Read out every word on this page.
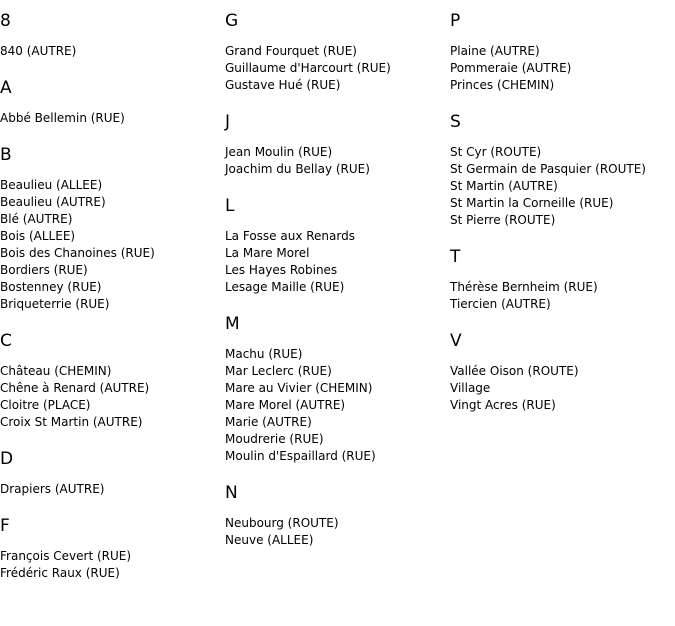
8
840 (AUTRE)
A
Abbé Bellemin (RUE)
B
Beaulieu (ALLEE)
Beaulieu (AUTRE)
Blé (AUTRE)
Bois (ALLEE)
Bois des Chanoines (RUE)
Bordiers (RUE)
Bostenney (RUE)
Briqueterrie (RUE)
C
Château (CHEMIN)
Chêne à Renard (AUTRE)
Cloitre (PLACE)
Croix St Martin (AUTRE)
D
Drapiers (AUTRE)
F
François Cevert (RUE)
Frédéric Raux (RUE)
G
Grand Fourquet (RUE)
Guillaume d'Harcourt (RUE)
Gustave Hué (RUE)
J
Jean Moulin (RUE)
Joachim du Bellay (RUE)
L
La Fosse aux Renards
La Mare Morel
Les Hayes Robines
Lesage Maille (RUE)
M
Machu (RUE)
Mar Leclerc (RUE)
Mare au Vivier (CHEMIN)
Mare Morel (AUTRE)
Marie (AUTRE)
Moudrerie (RUE)
Moulin d'Espaillard (RUE)
N
Neubourg (ROUTE)
Neuve (ALLEE)
P
Plaine (AUTRE)
Pommeraie (AUTRE)
Princes (CHEMIN)
S
St Cyr (ROUTE)
St Germain de Pasquier (ROUTE)
St Martin (AUTRE)
St Martin la Corneille (RUE)
St Pierre (ROUTE)
T
Thérèse Bernheim (RUE)
Tiercien (AUTRE)
V
Vallée Oison (ROUTE)
Village
Vingt Acres (RUE)
